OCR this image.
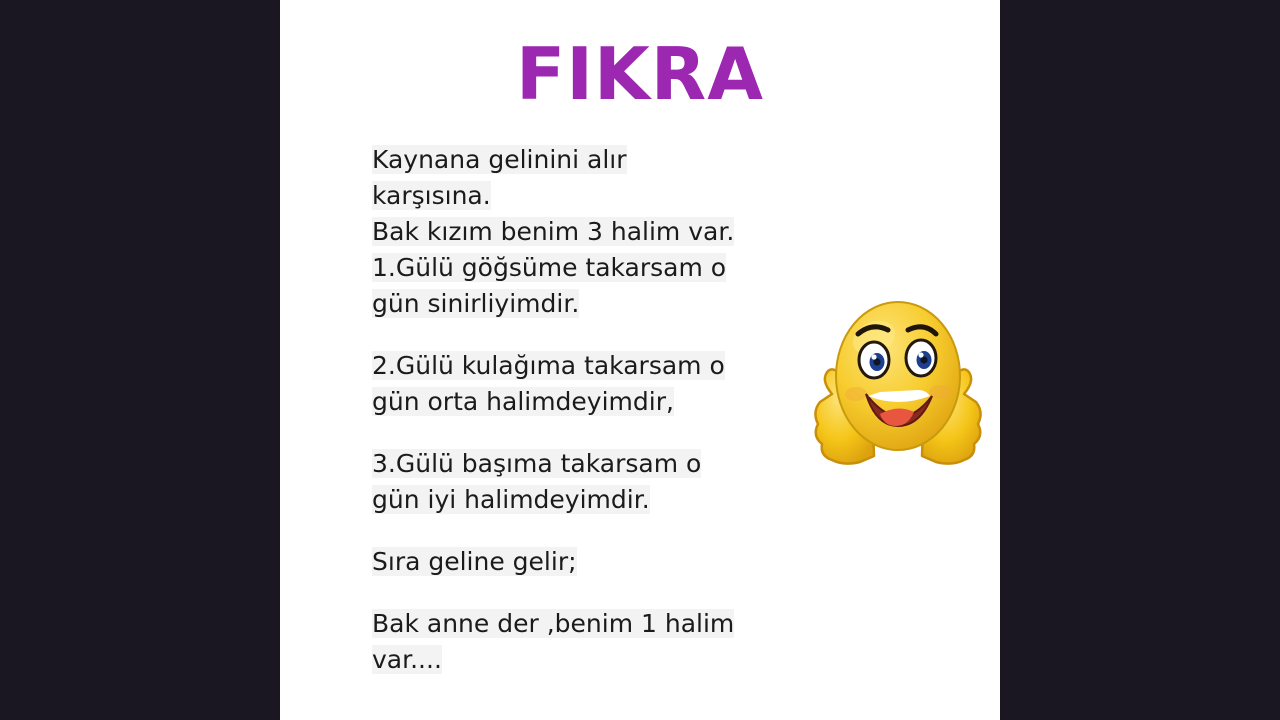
FIKRA

Kaynana gelinini alır

karşısına.

Bak kızım benim 3 halim var.

1.Gülü göğsüme takarsam o

gün sinirliyimdir.

2.Gülü kulağıma takarsam o

gün orta halimdeyimdir,

3.Gülü başıma takarsam o

gün iyi halimdeyimdir.

Sıra geline gelir;

Bak anne der ,benim 1 halim

var....
